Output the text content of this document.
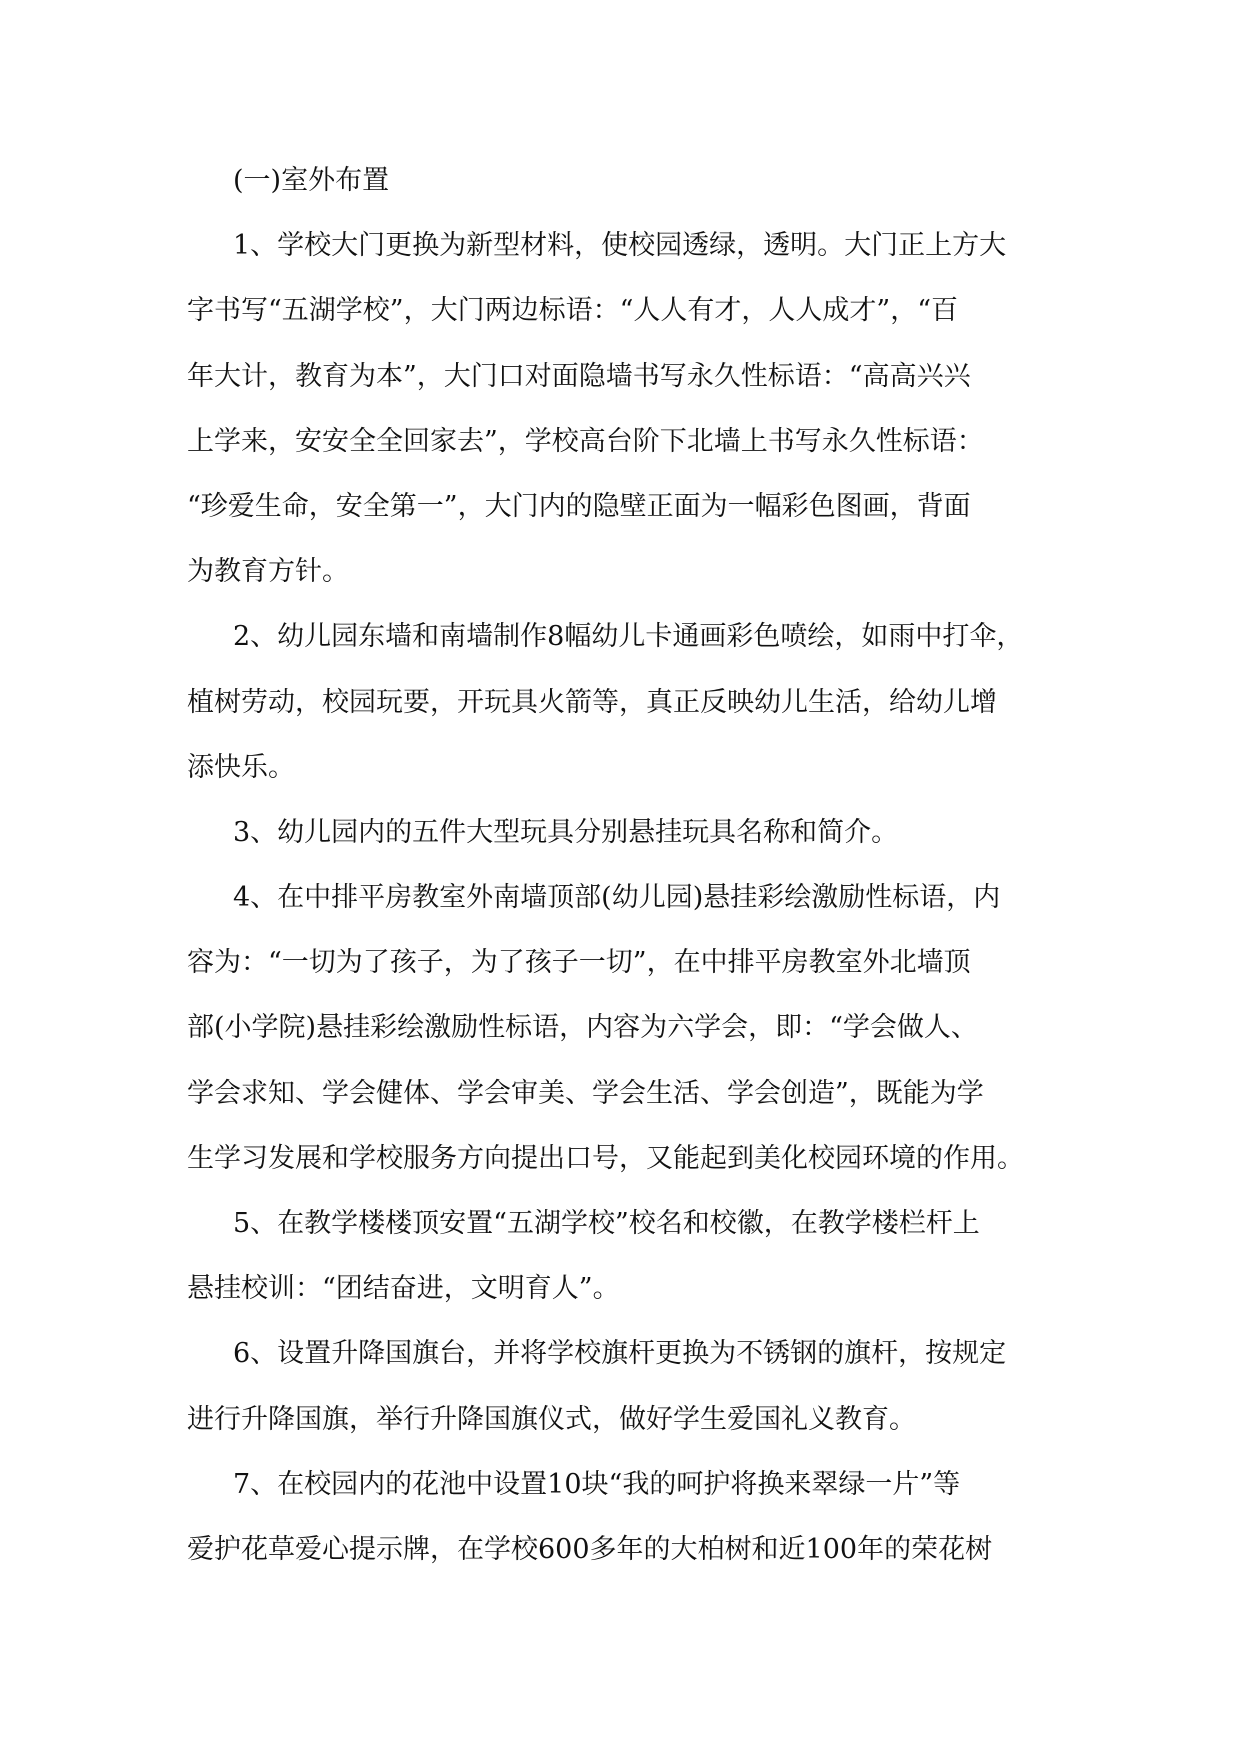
(一)室外布置
1、学校大门更换为新型材料，使校园透绿，透明。大门正上方大
字书写“五湖学校”，大门两边标语：“人人有才，人人成才”，“百
年大计，教育为本”，大门口对面隐墙书写永久性标语：“高高兴兴
上学来，安安全全回家去”，学校高台阶下北墙上书写永久性标语：
“珍爱生命，安全第一”，大门内的隐壁正面为一幅彩色图画，背面
为教育方针。
2、幼儿园东墙和南墙制作8幅幼儿卡通画彩色喷绘，如雨中打伞，
植树劳动，校园玩要，开玩具火箭等，真正反映幼儿生活，给幼儿增
添快乐。
3、幼儿园内的五件大型玩具分别悬挂玩具名称和简介。
4、在中排平房教室外南墙顶部(幼儿园)悬挂彩绘激励性标语，内
容为：“一切为了孩子，为了孩子一切”，在中排平房教室外北墙顶
部(小学院)悬挂彩绘激励性标语，内容为六学会，即：“学会做人、
学会求知、学会健体、学会审美、学会生活、学会创造”，既能为学
生学习发展和学校服务方向提出口号，又能起到美化校园环境的作用。
5、在教学楼楼顶安置“五湖学校”校名和校徽，在教学楼栏杆上
悬挂校训：“团结奋进，文明育人”。
6、设置升降国旗台，并将学校旗杆更换为不锈钢的旗杆，按规定
进行升降国旗，举行升降国旗仪式，做好学生爱国礼义教育。
7、在校园内的花池中设置10块“我的呵护将换来翠绿一片”等
爱护花草爱心提示牌，在学校600多年的大柏树和近100年的荣花树
